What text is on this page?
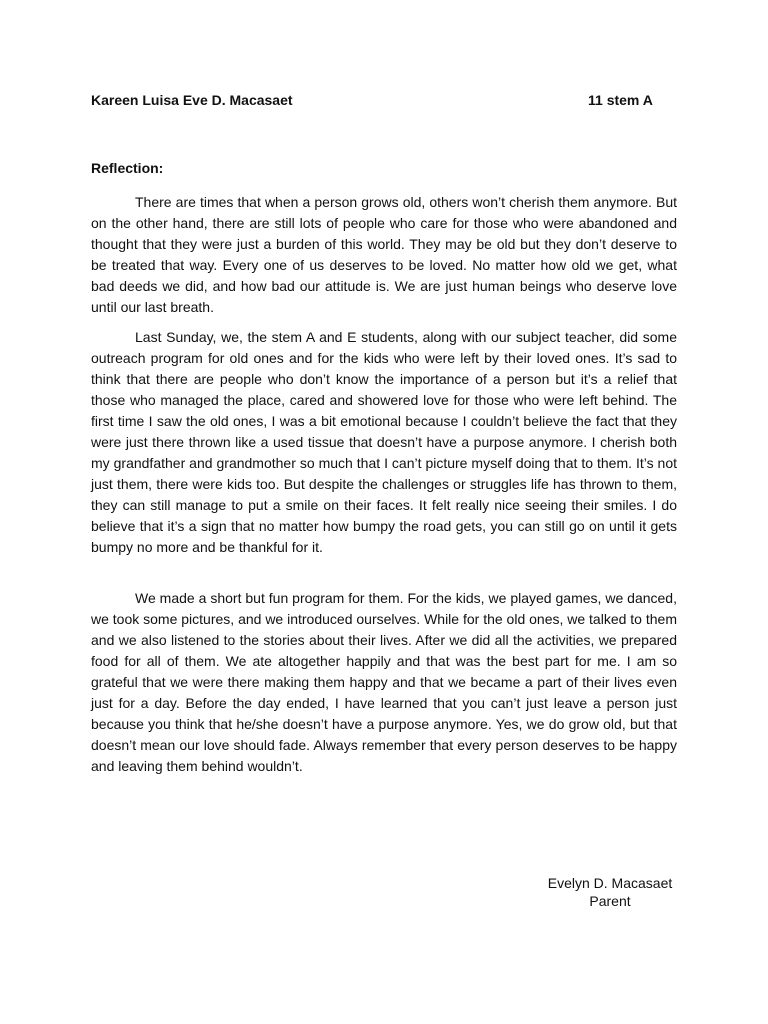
Kareen Luisa Eve D. Macasaet	11 stem A
Reflection:

There are times that when a person grows old, others won’t cherish them anymore. But on the other hand, there are still lots of people who care for those who were abandoned and thought that they were just a burden of this world. They may be old but they don’t deserve to be treated that way. Every one of us deserves to be loved. No matter how old we get, what bad deeds we did, and how bad our attitude is. We are just human beings who deserve love until our last breath.

Last Sunday, we, the stem A and E students, along with our subject teacher, did some outreach program for old ones and for the kids who were left by their loved ones. It’s sad to think that there are people who don’t know the importance of a person but it’s a relief that those who managed the place, cared and showered love for those who were left behind. The first time I saw the old ones, I was a bit emotional because I couldn’t believe the fact that they were just there thrown like a used tissue that doesn’t have a purpose anymore. I cherish both my grandfather and grandmother so much that I can’t picture myself doing that to them. It’s not just them, there were kids too. But despite the challenges or struggles life has thrown to them, they can still manage to put a smile on their faces. It felt really nice seeing their smiles. I do believe that it’s a sign that no matter how bumpy the road gets, you can still go on until it gets bumpy no more and be thankful for it.

We made a short but fun program for them. For the kids, we played games, we danced, we took some pictures, and we introduced ourselves. While for the old ones, we talked to them and we also listened to the stories about their lives. After we did all the activities, we prepared food for all of them. We ate altogether happily and that was the best part for me. I am so grateful that we were there making them happy and that we became a part of their lives even just for a day. Before the day ended, I have learned that you can’t just leave a person just because you think that he/she doesn’t have a purpose anymore. Yes, we do grow old, but that doesn’t mean our love should fade. Always remember that every person deserves to be happy and leaving them behind wouldn’t.

Evelyn D. Macasaet
Parent
